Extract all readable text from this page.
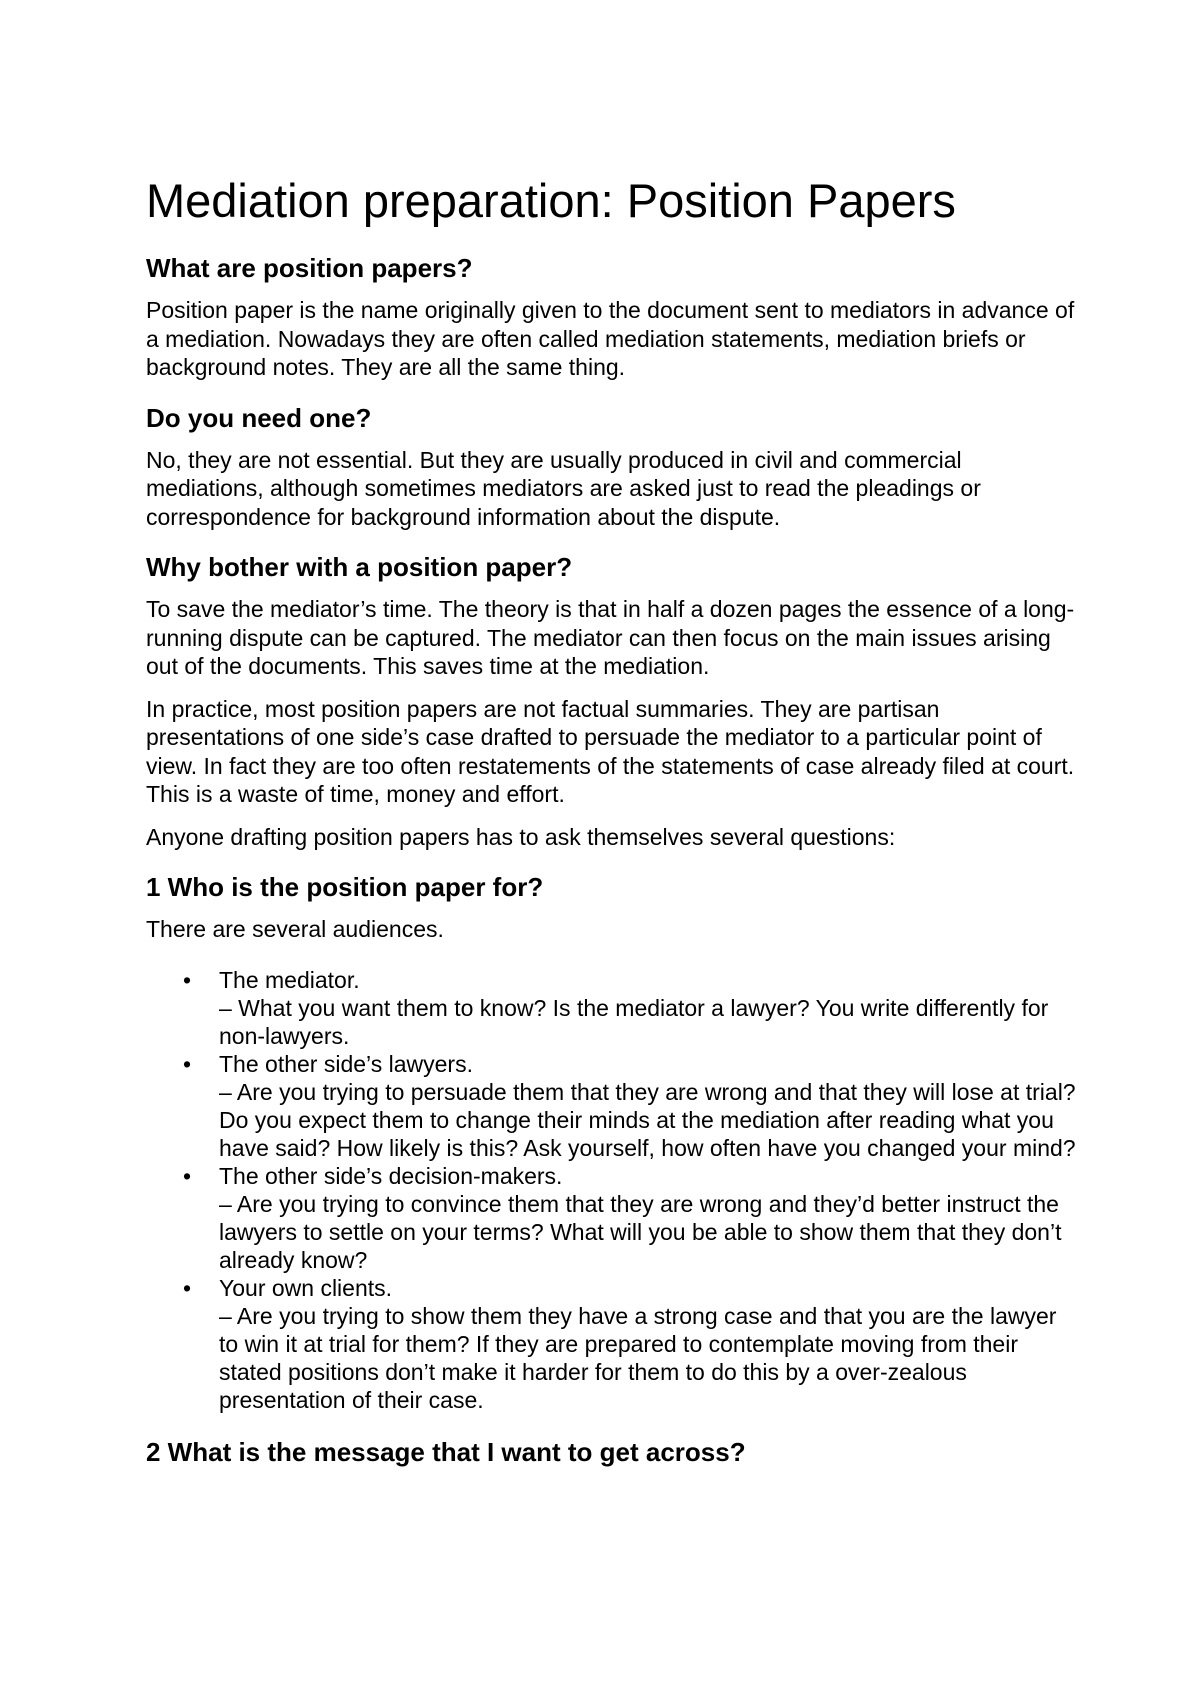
Mediation preparation: Position Papers
What are position papers?

Position paper is the name originally given to the document sent to mediators in advance of a mediation. Nowadays they are often called mediation statements, mediation briefs or background notes. They are all the same thing.

Do you need one?

No, they are not essential. But they are usually produced in civil and commercial mediations, although sometimes mediators are asked just to read the pleadings or correspondence for background information about the dispute.

Why bother with a position paper?

To save the mediator’s time. The theory is that in half a dozen pages the essence of a long-running dispute can be captured. The mediator can then focus on the main issues arising out of the documents. This saves time at the mediation.

In practice, most position papers are not factual summaries. They are partisan presentations of one side’s case drafted to persuade the mediator to a particular point of view. In fact they are too often restatements of the statements of case already filed at court. This is a waste of time, money and effort.

Anyone drafting position papers has to ask themselves several questions:

1 Who is the position paper for?

There are several audiences.

• The mediator.
– What you want them to know? Is the mediator a lawyer? You write differently for non-lawyers.
• The other side’s lawyers.
– Are you trying to persuade them that they are wrong and that they will lose at trial? Do you expect them to change their minds at the mediation after reading what you have said? How likely is this? Ask yourself, how often have you changed your mind?
• The other side’s decision-makers.
– Are you trying to convince them that they are wrong and they’d better instruct the lawyers to settle on your terms? What will you be able to show them that they don’t already know?
• Your own clients.
– Are you trying to show them they have a strong case and that you are the lawyer to win it at trial for them? If they are prepared to contemplate moving from their stated positions don’t make it harder for them to do this by a over-zealous presentation of their case.
2 What is the message that I want to get across?
